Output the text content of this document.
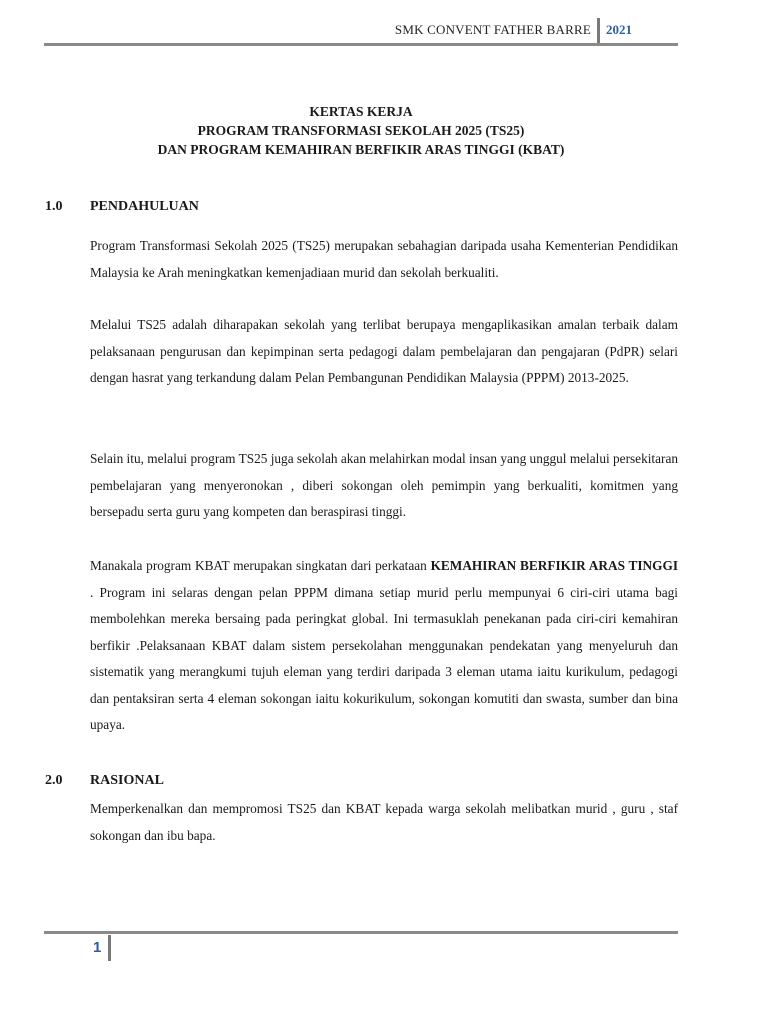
SMK CONVENT FATHER BARRE 2021
KERTAS KERJA
PROGRAM TRANSFORMASI SEKOLAH 2025 (TS25)
DAN PROGRAM KEMAHIRAN BERFIKIR ARAS TINGGI (KBAT)
1.0 PENDAHULUAN

Program Transformasi Sekolah 2025 (TS25) merupakan sebahagian daripada usaha Kementerian Pendidikan Malaysia ke Arah meningkatkan kemenjadiaan murid dan sekolah berkualiti.

Melalui TS25 adalah diharapakan sekolah yang terlibat berupaya mengaplikasikan amalan terbaik dalam pelaksanaan pengurusan dan kepimpinan serta pedagogi dalam pembelajaran dan pengajaran (PdPR) selari dengan hasrat yang terkandung dalam Pelan Pembangunan Pendidikan Malaysia (PPPM) 2013-2025.

Selain itu, melalui program TS25 juga sekolah akan melahirkan modal insan yang unggul melalui persekitaran pembelajaran yang menyeronokan , diberi sokongan oleh pemimpin yang berkualiti, komitmen yang bersepadu serta guru yang kompeten dan beraspirasi tinggi.

Manakala program KBAT merupakan singkatan dari perkataan KEMAHIRAN BERFIKIR ARAS TINGGI . Program ini selaras dengan pelan PPPM dimana setiap murid perlu mempunyai 6 ciri-ciri utama bagi membolehkan mereka bersaing pada peringkat global. Ini termasuklah penekanan pada ciri-ciri kemahiran berfikir .Pelaksanaan KBAT dalam sistem persekolahan menggunakan pendekatan yang menyeluruh dan sistematik yang merangkumi tujuh eleman yang terdiri daripada 3 eleman utama iaitu kurikulum, pedagogi dan pentaksiran serta 4 eleman sokongan iaitu kokurikulum, sokongan komutiti dan swasta, sumber dan bina upaya.

2.0 RASIONAL

Memperkenalkan dan mempromosi TS25 dan KBAT kepada warga sekolah melibatkan murid , guru , staf sokongan dan ibu bapa.

1
